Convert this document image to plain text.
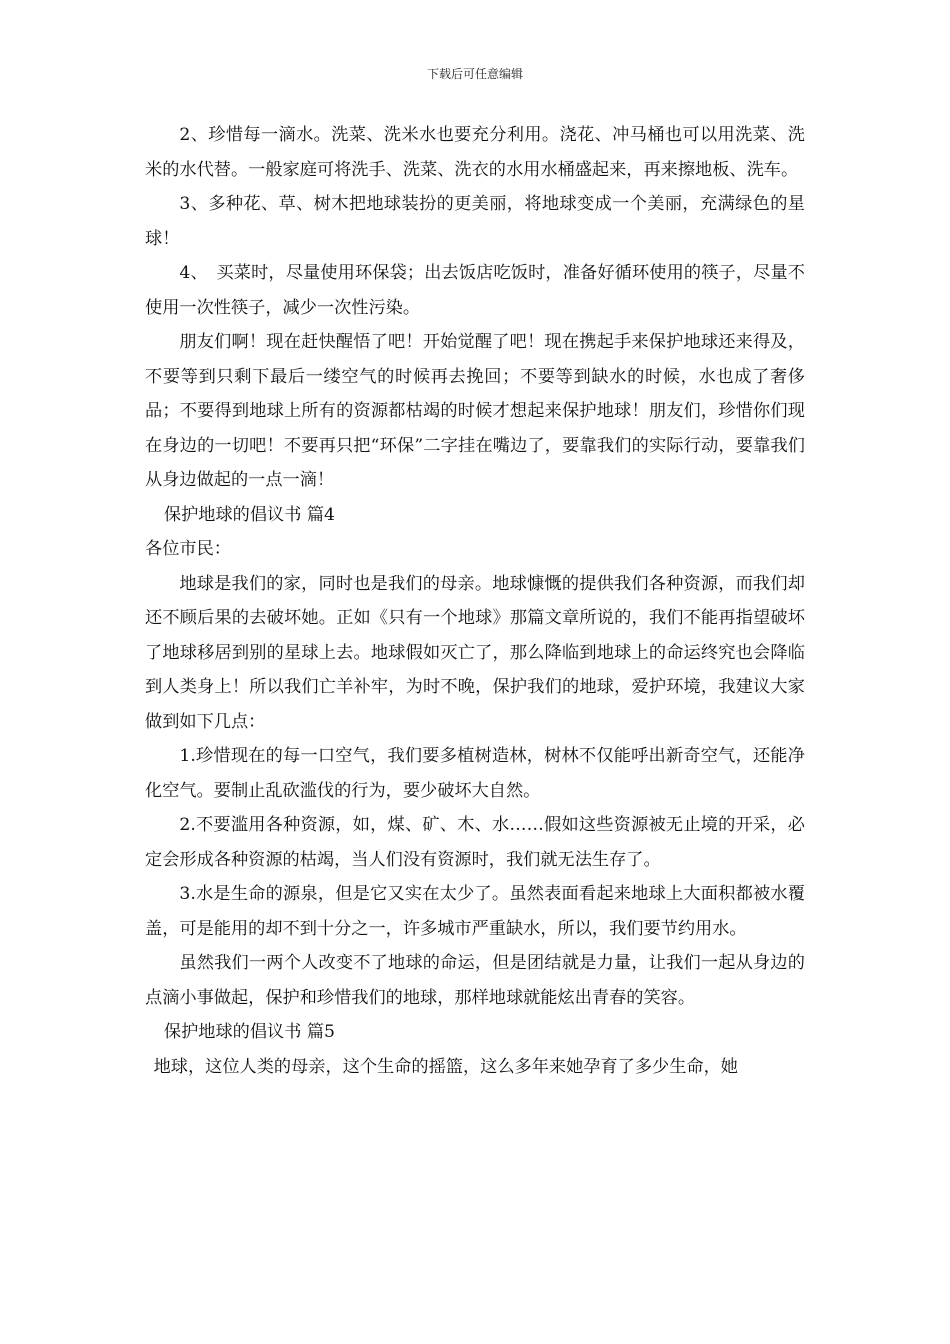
下载后可任意编辑

2、珍惜每一滴水。洗菜、洗米水也要充分利用。浇花、冲马桶也可以用洗菜、洗米的水代替。一般家庭可将洗手、洗菜、洗衣的水用水桶盛起来，再来擦地板、洗车。

3、多种花、草、树木把地球装扮的更美丽，将地球变成一个美丽，充满绿色的星球！

4、　买菜时，尽量使用环保袋；出去饭店吃饭时，准备好循环使用的筷子，尽量不使用一次性筷子，减少一次性污染。

朋友们啊！现在赶快醒悟了吧！开始觉醒了吧！现在携起手来保护地球还来得及，不要等到只剩下最后一缕空气的时候再去挽回；不要等到缺水的时候，水也成了奢侈品；不要得到地球上所有的资源都枯竭的时候才想起来保护地球！朋友们，珍惜你们现在身边的一切吧！不要再只把“环保”二字挂在嘴边了，要靠我们的实际行动，要靠我们从身边做起的一点一滴！

保护地球的倡议书 篇4

各位市民：

地球是我们的家，同时也是我们的母亲。地球慷慨的提供我们各种资源，而我们却还不顾后果的去破坏她。正如《只有一个地球》那篇文章所说的，我们不能再指望破坏了地球移居到别的星球上去。地球假如灭亡了，那么降临到地球上的命运终究也会降临到人类身上！所以我们亡羊补牢，为时不晚，保护我们的地球，爱护环境，我建议大家做到如下几点：

1.珍惜现在的每一口空气，我们要多植树造林，树林不仅能呼出新奇空气，还能净化空气。要制止乱砍滥伐的行为，要少破坏大自然。

2.不要滥用各种资源，如，煤、矿、木、水……假如这些资源被无止境的开采，必定会形成各种资源的枯竭，当人们没有资源时，我们就无法生存了。

3.水是生命的源泉，但是它又实在太少了。虽然表面看起来地球上大面积都被水覆盖，可是能用的却不到十分之一，许多城市严重缺水，所以，我们要节约用水。

虽然我们一两个人改变不了地球的命运，但是团结就是力量，让我们一起从身边的点滴小事做起，保护和珍惜我们的地球，那样地球就能炫出青春的笑容。

保护地球的倡议书 篇5

地球，这位人类的母亲，这个生命的摇篮，这么多年来她孕育了多少生命，她
